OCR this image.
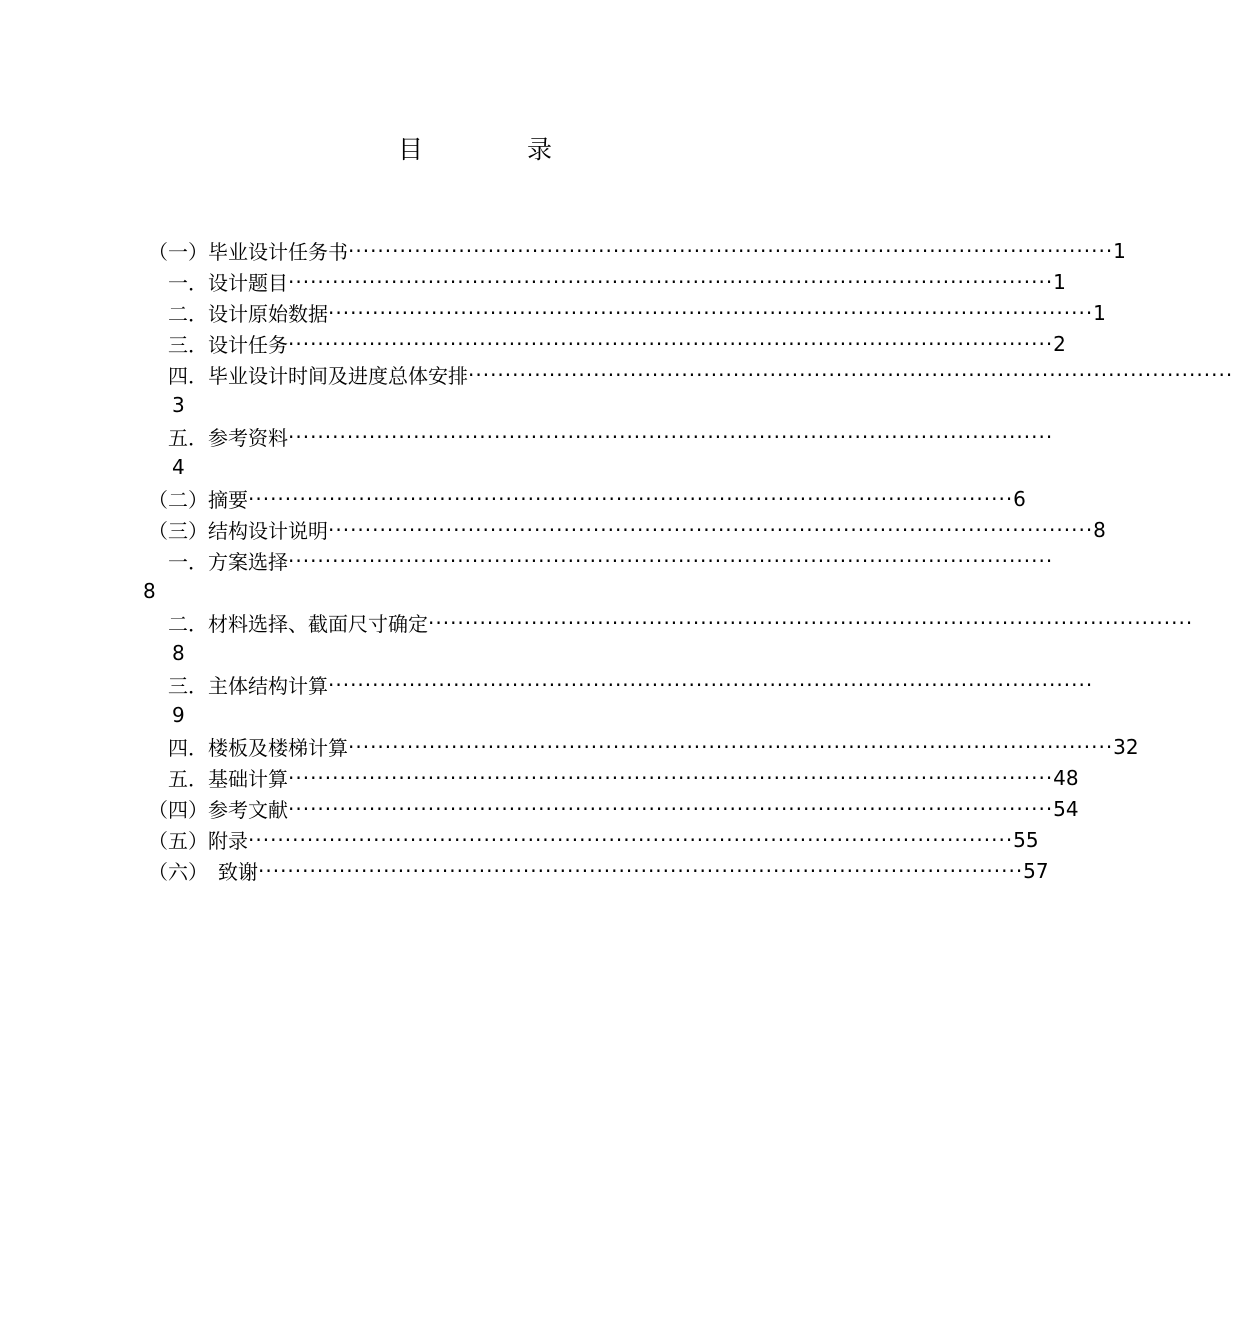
目 录
（一）毕业设计任务书 ········································································································ 1
　一．设计题目 ········································································································ 1
　二．设计原始数据 ········································································································ 1
　三．设计任务 ········································································································ 2
　四．毕业设计时间及进度总体安排 ········································································································
3
　五．参考资料 ········································································································
4
（二）摘要 ········································································································ 6
（三）结构设计说明 ········································································································ 8
　一．方案选择 ········································································································
8
　二．材料选择、截面尺寸确定 ········································································································
8
　三．主体结构计算 ········································································································
9
　四．楼板及楼梯计算 ········································································································ 32
　五．基础计算 ········································································································ 48
（四）参考文献 ········································································································ 54
（五）附录 ········································································································ 55
（六）　致谢 ········································································································ 57
